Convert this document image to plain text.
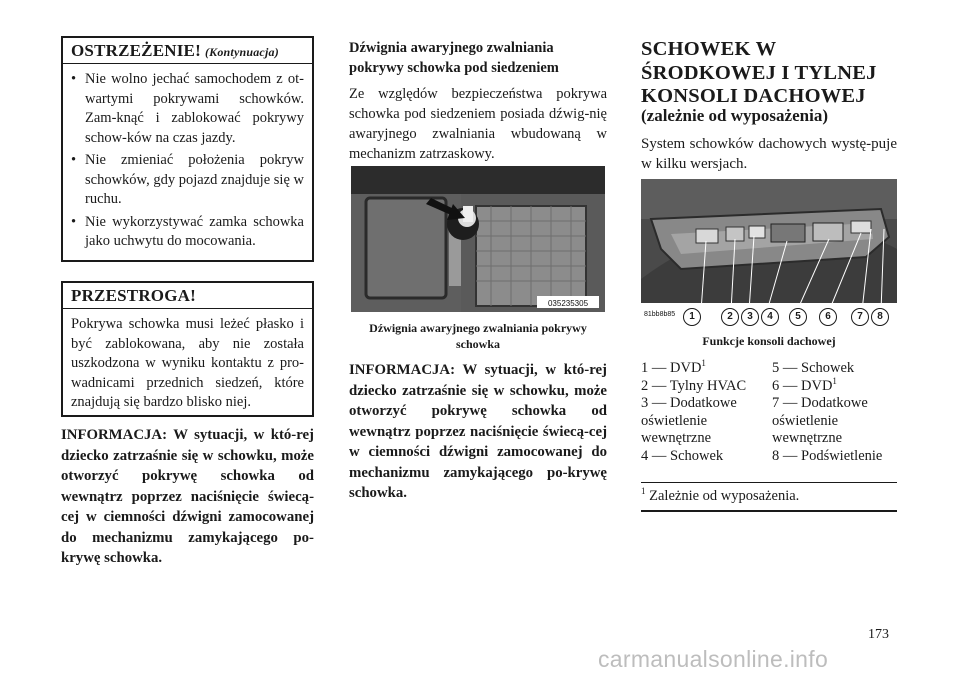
OSTRZEŻENIE! (Kontynuacja)
• Nie wolno jechać samochodem z ot-wartymi pokrywami schowków. Zam-knąć i zablokować pokrywy schow-ków na czas jazdy.
• Nie zmieniać położenia pokryw schowków, gdy pojazd znajduje się w ruchu.
• Nie wykorzystywać zamka schowka jako uchwytu do mocowania.
PRZESTROGA!
Pokrywa schowka musi leżeć płasko i być zablokowana, aby nie została uszkodzona w wyniku kontaktu z pro-wadnicami przednich siedzeń, które znajdują się bardzo blisko niej.
INFORMACJA: W sytuacji, w któ-rej dziecko zatrzaśnie się w schowku, może otworzyć pokrywę schowka od wewnątrz poprzez naciśnięcie świecą-cej w ciemności dźwigni zamocowanej do mechanizmu zamykającego po-krywę schowka.
Dźwignia awaryjnego zwalniania pokrywy schowka pod siedzeniem
Ze względów bezpieczeństwa pokrywa schowka pod siedzeniem posiada dźwig-nię awaryjnego zwalniania wbudowaną w mechanizm zatrzaskowy.
035235305
Dźwignia awaryjnego zwalniania pokrywy schowka
INFORMACJA: W sytuacji, w któ-rej dziecko zatrzaśnie się w schowku, może otworzyć pokrywę schowka od wewnątrz poprzez naciśnięcie świecą-cej w ciemności dźwigni zamocowanej do mechanizmu zamykającego po-krywę schowka.
SCHOWEK W
ŚRODKOWEJ I TYLNEJ
KONSOLI DACHOWEJ
(zależnie od wyposażenia)
System schowków dachowych wystę-puje w kilku wersjach.
81bb8b85	1	2	3	4	5	6	7	8
Funkcje konsoli dachowej
1 — DVD$^1$
2 — Tylny HVAC
3 — Dodatkowe oświetlenie wewnętrzne
4 — Schowek
5 — Schowek
6 — DVD$^1$
7 — Dodatkowe oświetlenie wewnętrzne
8 — Podświetlenie
$^1$ Zależnie od wyposażenia.
173
carmanualsonline.info
